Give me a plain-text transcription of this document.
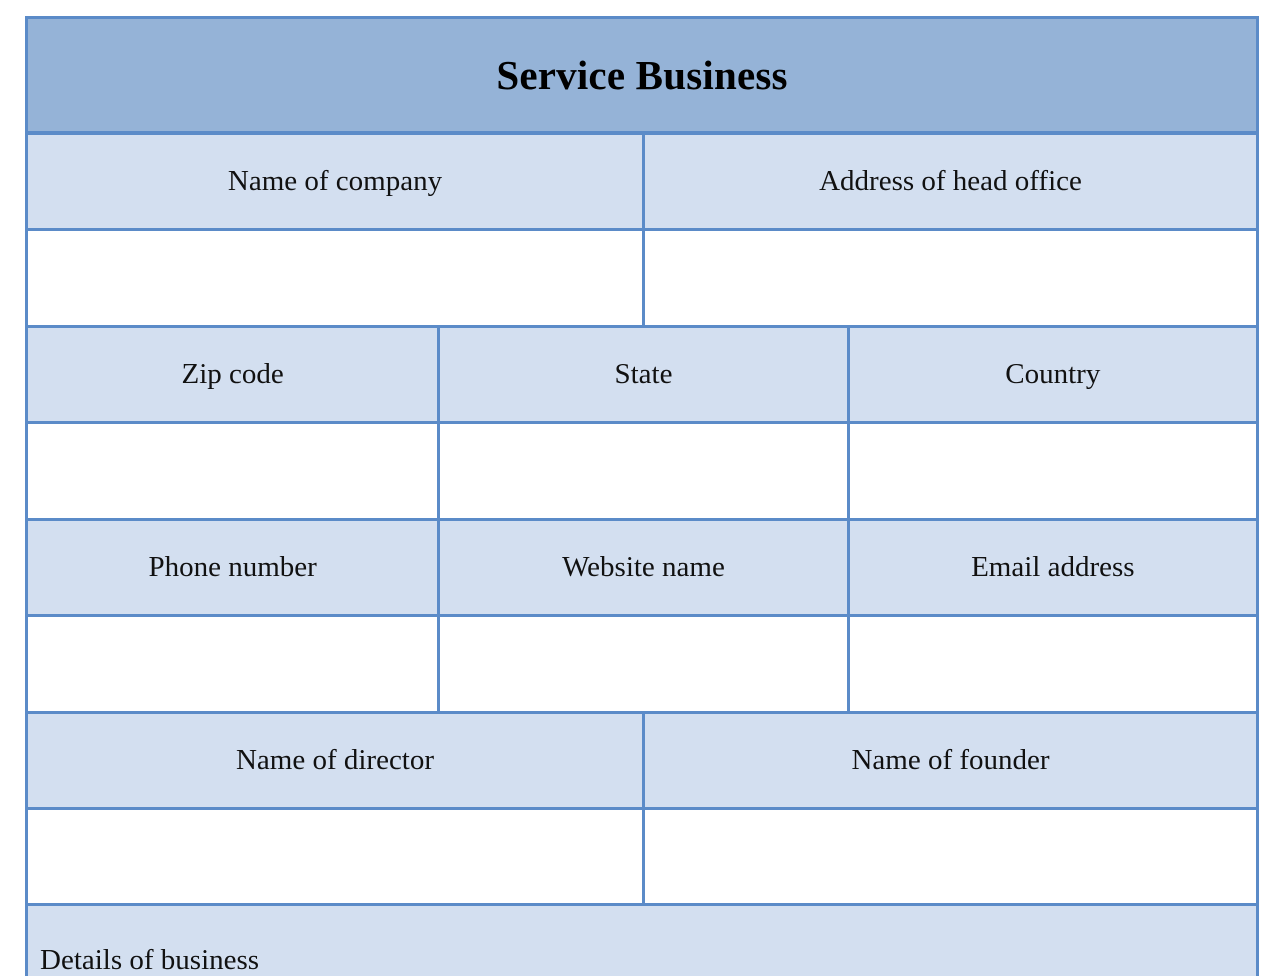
Service Business
Name of company	Address of head office
Zip code	State	Country
Phone number	Website name	Email address
Name of director	Name of founder
Details of business
